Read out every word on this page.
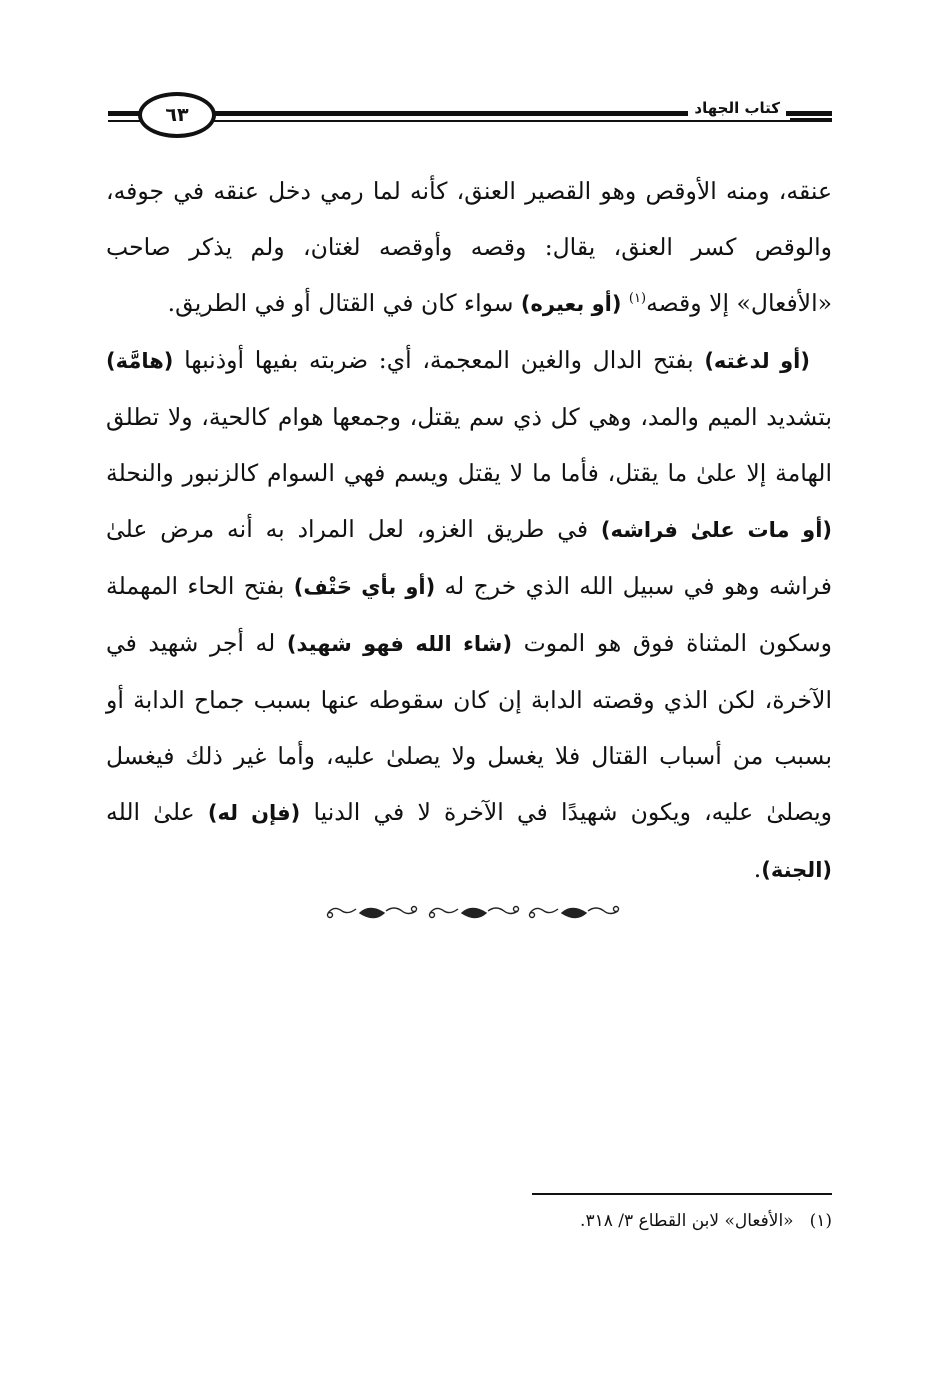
٦٣	كتاب الجهاد

عنقه، ومنه الأوقص وهو القصير العنق، كأنه لما رمي دخل عنقه في جوفه، والوقص كسر العنق، يقال: وقصه وأوقصه لغتان، ولم يذكر صاحب «الأفعال» إلا وقصه$^{(١)}$ (أو بعيره) سواء كان في القتال أو في الطريق.

(أو لدغته) بفتح الدال والغين المعجمة، أي: ضربته بفيها أوذنبها (هامَّة) بتشديد الميم والمد، وهي كل ذي سم يقتل، وجمعها هوام كالحية، ولا تطلق الهامة إلا علىٰ ما يقتل، فأما ما لا يقتل ويسم فهي السوام كالزنبور والنحلة (أو مات علىٰ فراشه) في طريق الغزو، لعل المراد به أنه مرض علىٰ فراشه وهو في سبيل الله الذي خرج له (أو بأي حَتْف) بفتح الحاء المهملة وسكون المثناة فوق هو الموت (شاء الله فهو شهيد) له أجر شهيد في الآخرة، لكن الذي وقصته الدابة إن كان سقوطه عنها بسبب جماح الدابة أو بسبب من أسباب القتال فلا يغسل ولا يصلىٰ عليه، وأما غير ذلك فيغسل ويصلىٰ عليه، ويكون شهيدًا في الآخرة لا في الدنيا (فإن له) علىٰ الله (الجنة).

(١)«الأفعال» لابن القطاع ٣/ ٣١٨.
